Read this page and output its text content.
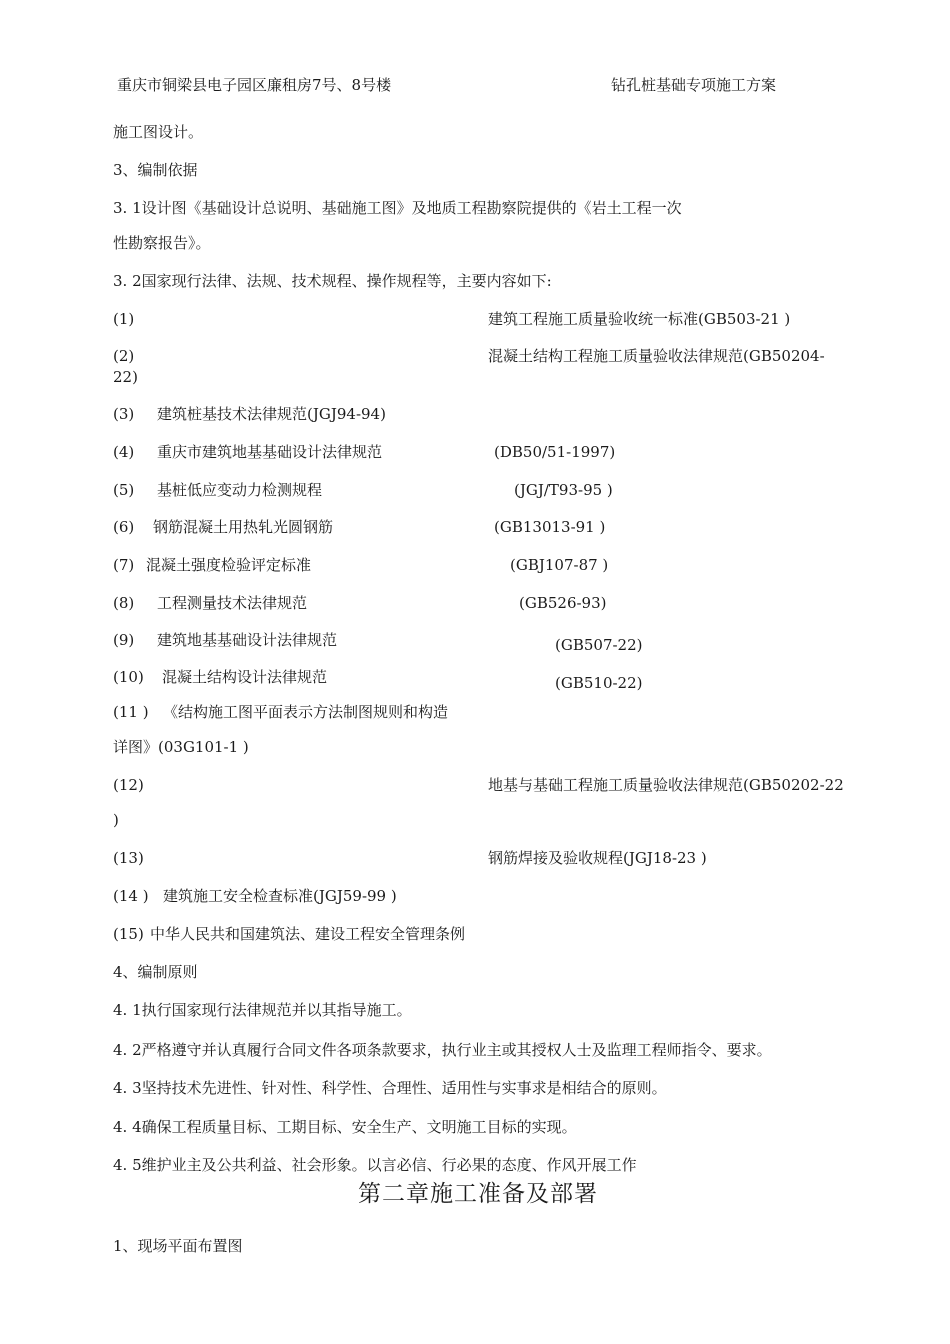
重庆市铜梁县电子园区廉租房7号、8号楼	钻孔桩基础专项施工方案
施工图设计。
3、编制依据
3. 1设计图《基础设计总说明、基础施工图》及地质工程勘察院提供的《岩土工程一次
性勘察报告》。
3. 2国家现行法律、法规、技术规程、操作规程等，主要内容如下:
(1)	建筑工程施工质量验收统一标准(GB503-21 )
(2)	混凝土结构工程施工质量验收法律规范(GB50204-
22)
(3) 建筑桩基技术法律规范(JGJ94-94)
(4) 重庆市建筑地基基础设计法律规范	(DB50/51-1997)
(5) 基桩低应变动力检测规程	(JGJ/T93-95 )
(6) 钢筋混凝土用热轧光圆钢筋	(GB13013-91 )
(7) 混凝土强度检验评定标准	(GBJ107-87 )
(8) 工程测量技术法律规范	(GB526-93)
(9) 建筑地基基础设计法律规范	(GB507-22)
(10) 混凝土结构设计法律规范	(GB510-22)
(11 ) 《结构施工图平面表示方法制图规则和构造
详图》(03G101-1 )
(12)	地基与基础工程施工质量验收法律规范(GB50202-22
)
(13)	钢筋焊接及验收规程(JGJ18-23 )
(14 ) 建筑施工安全检查标准(JGJ59-99 )
(15) 中华人民共和国建筑法、建设工程安全管理条例
4、编制原则
4. 1执行国家现行法律规范并以其指导施工。
4. 2严格遵守并认真履行合同文件各项条款要求，执行业主或其授权人士及监理工程师指令、要求。
4. 3坚持技术先进性、针对性、科学性、合理性、适用性与实事求是相结合的原则。
4. 4确保工程质量目标、工期目标、安全生产、文明施工目标的实现。
4. 5维护业主及公共利益、社会形象。以言必信、行必果的态度、作风开展工作
第二章施工准备及部署
1、现场平面布置图
